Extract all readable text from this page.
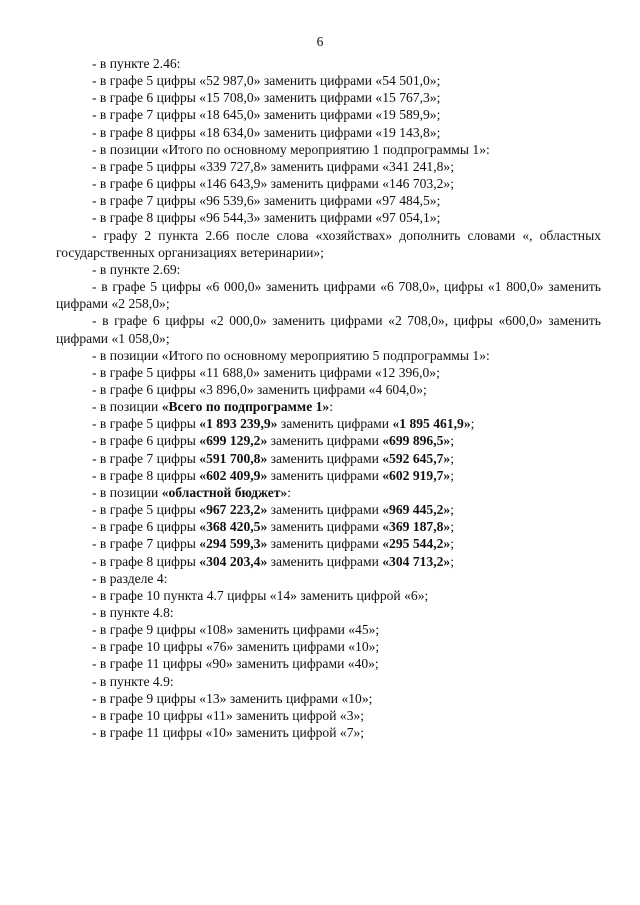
6
- в пункте 2.46:
- в графе 5 цифры «52 987,0» заменить цифрами «54 501,0»;
- в графе 6 цифры «15 708,0» заменить цифрами «15 767,3»;
- в графе 7 цифры «18 645,0» заменить цифрами «19 589,9»;
- в графе 8 цифры «18 634,0» заменить цифрами «19 143,8»;
- в позиции «Итого по основному мероприятию 1 подпрограммы 1»:
- в графе 5 цифры «339 727,8» заменить цифрами «341 241,8»;
- в графе 6 цифры «146 643,9» заменить цифрами «146 703,2»;
- в графе 7 цифры «96 539,6» заменить цифрами «97 484,5»;
- в графе 8 цифры «96 544,3» заменить цифрами «97 054,1»;
- графу 2 пункта 2.66 после слова «хозяйствах» дополнить словами «, областных государственных организациях ветеринарии»;
- в пункте 2.69:
- в графе 5 цифры «6 000,0» заменить цифрами «6 708,0», цифры «1 800,0» заменить цифрами «2 258,0»;
- в графе 6 цифры «2 000,0» заменить цифрами «2 708,0», цифры «600,0» заменить цифрами «1 058,0»;
- в позиции «Итого по основному мероприятию 5 подпрограммы 1»:
- в графе 5 цифры «11 688,0» заменить цифрами «12 396,0»;
- в графе 6 цифры «3 896,0» заменить цифрами «4 604,0»;
- в позиции «Всего по подпрограмме 1»:
- в графе 5 цифры «1 893 239,9» заменить цифрами «1 895 461,9»;
- в графе 6 цифры «699 129,2» заменить цифрами «699 896,5»;
- в графе 7 цифры «591 700,8» заменить цифрами «592 645,7»;
- в графе 8 цифры «602 409,9» заменить цифрами «602 919,7»;
- в позиции «областной бюджет»:
- в графе 5 цифры «967 223,2» заменить цифрами «969 445,2»;
- в графе 6 цифры «368 420,5» заменить цифрами «369 187,8»;
- в графе 7 цифры «294 599,3» заменить цифрами «295 544,2»;
- в графе 8 цифры «304 203,4» заменить цифрами «304 713,2»;
- в разделе 4:
- в графе 10 пункта 4.7 цифры «14» заменить цифрой «6»;
- в пункте 4.8:
- в графе 9 цифры «108» заменить цифрами «45»;
- в графе 10 цифры «76» заменить цифрами «10»;
- в графе 11 цифры «90» заменить цифрами «40»;
- в пункте 4.9:
- в графе 9 цифры «13» заменить цифрами «10»;
- в графе 10 цифры «11» заменить цифрой «3»;
- в графе 11 цифры «10» заменить цифрой «7»;
